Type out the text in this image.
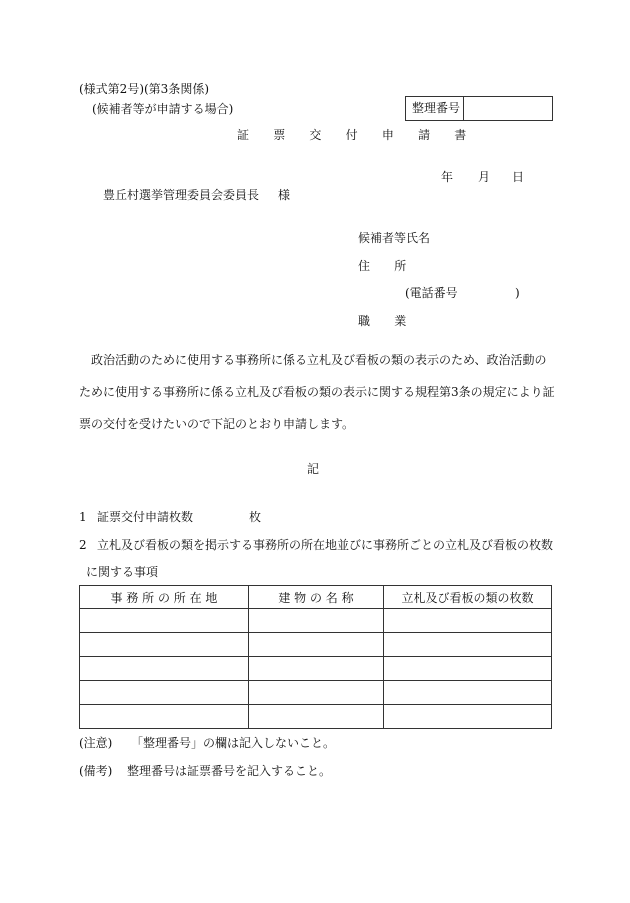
(様式第2号)(第3条関係)
(候補者等が申請する場合)	整理番号
証 票 交 付 申 請 書
年 月 日
豊丘村選挙管理委員会委員長 様
候補者等氏名
住 所
(電話番号	)
職 業
政治活動のために使用する事務所に係る立札及び看板の類の表示のため、政治活動のために使用する事務所に係る立札及び看板の類の表示に関する規程第3条の規定により証票の交付を受けたいので下記のとおり申請します。
記
1 証票交付申請枚数	枚
2 立札及び看板の類を掲示する事務所の所在地並びに事務所ごとの立札及び看板の枚数
に関する事項
事 務 所 の 所 在 地	建 物 の 名 称	立札及び看板の類の枚数

(注意) 「整理番号」の欄は記入しないこと。
(備考) 整理番号は証票番号を記入すること。
